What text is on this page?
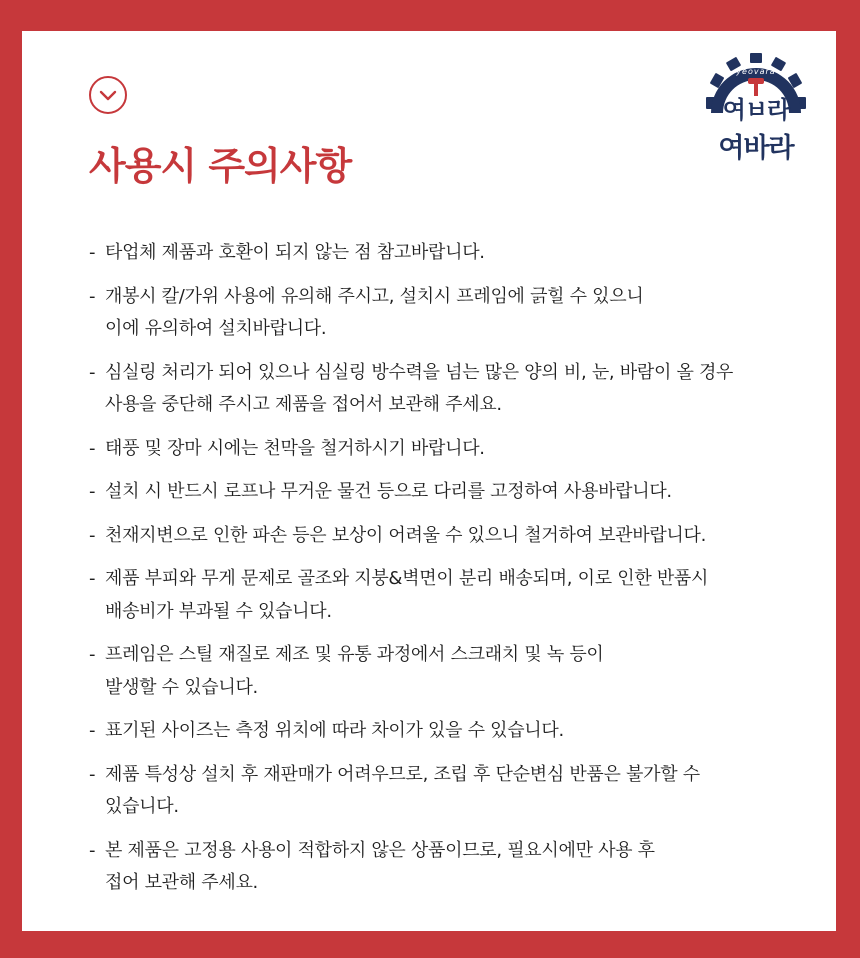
사용시 주의사항
yeovara
여ㅂ라
여바라
- 타업체 제품과 호환이 되지 않는 점 참고바랍니다.
- 개봉시 칼/가위 사용에 유의해 주시고, 설치시 프레임에 긁힐 수 있으니
이에 유의하여 설치바랍니다.
- 심실링 처리가 되어 있으나 심실링 방수력을 넘는 많은 양의 비, 눈, 바람이 올 경우
사용을 중단해 주시고 제품을 접어서 보관해 주세요.
- 태풍 및 장마 시에는 천막을 철거하시기 바랍니다.
- 설치 시 반드시 로프나 무거운 물건 등으로 다리를 고정하여 사용바랍니다.
- 천재지변으로 인한 파손 등은 보상이 어려울 수 있으니 철거하여 보관바랍니다.
- 제품 부피와 무게 문제로 골조와 지붕&벽면이 분리 배송되며, 이로 인한 반품시
배송비가 부과될 수 있습니다.
- 프레임은 스틸 재질로 제조 및 유통 과정에서 스크래치 및 녹 등이
발생할 수 있습니다.
- 표기된 사이즈는 측정 위치에 따라 차이가 있을 수 있습니다.
- 제품 특성상 설치 후 재판매가 어려우므로, 조립 후 단순변심 반품은 불가할 수
있습니다.
- 본 제품은 고정용 사용이 적합하지 않은 상품이므로, 필요시에만 사용 후
접어 보관해 주세요.
